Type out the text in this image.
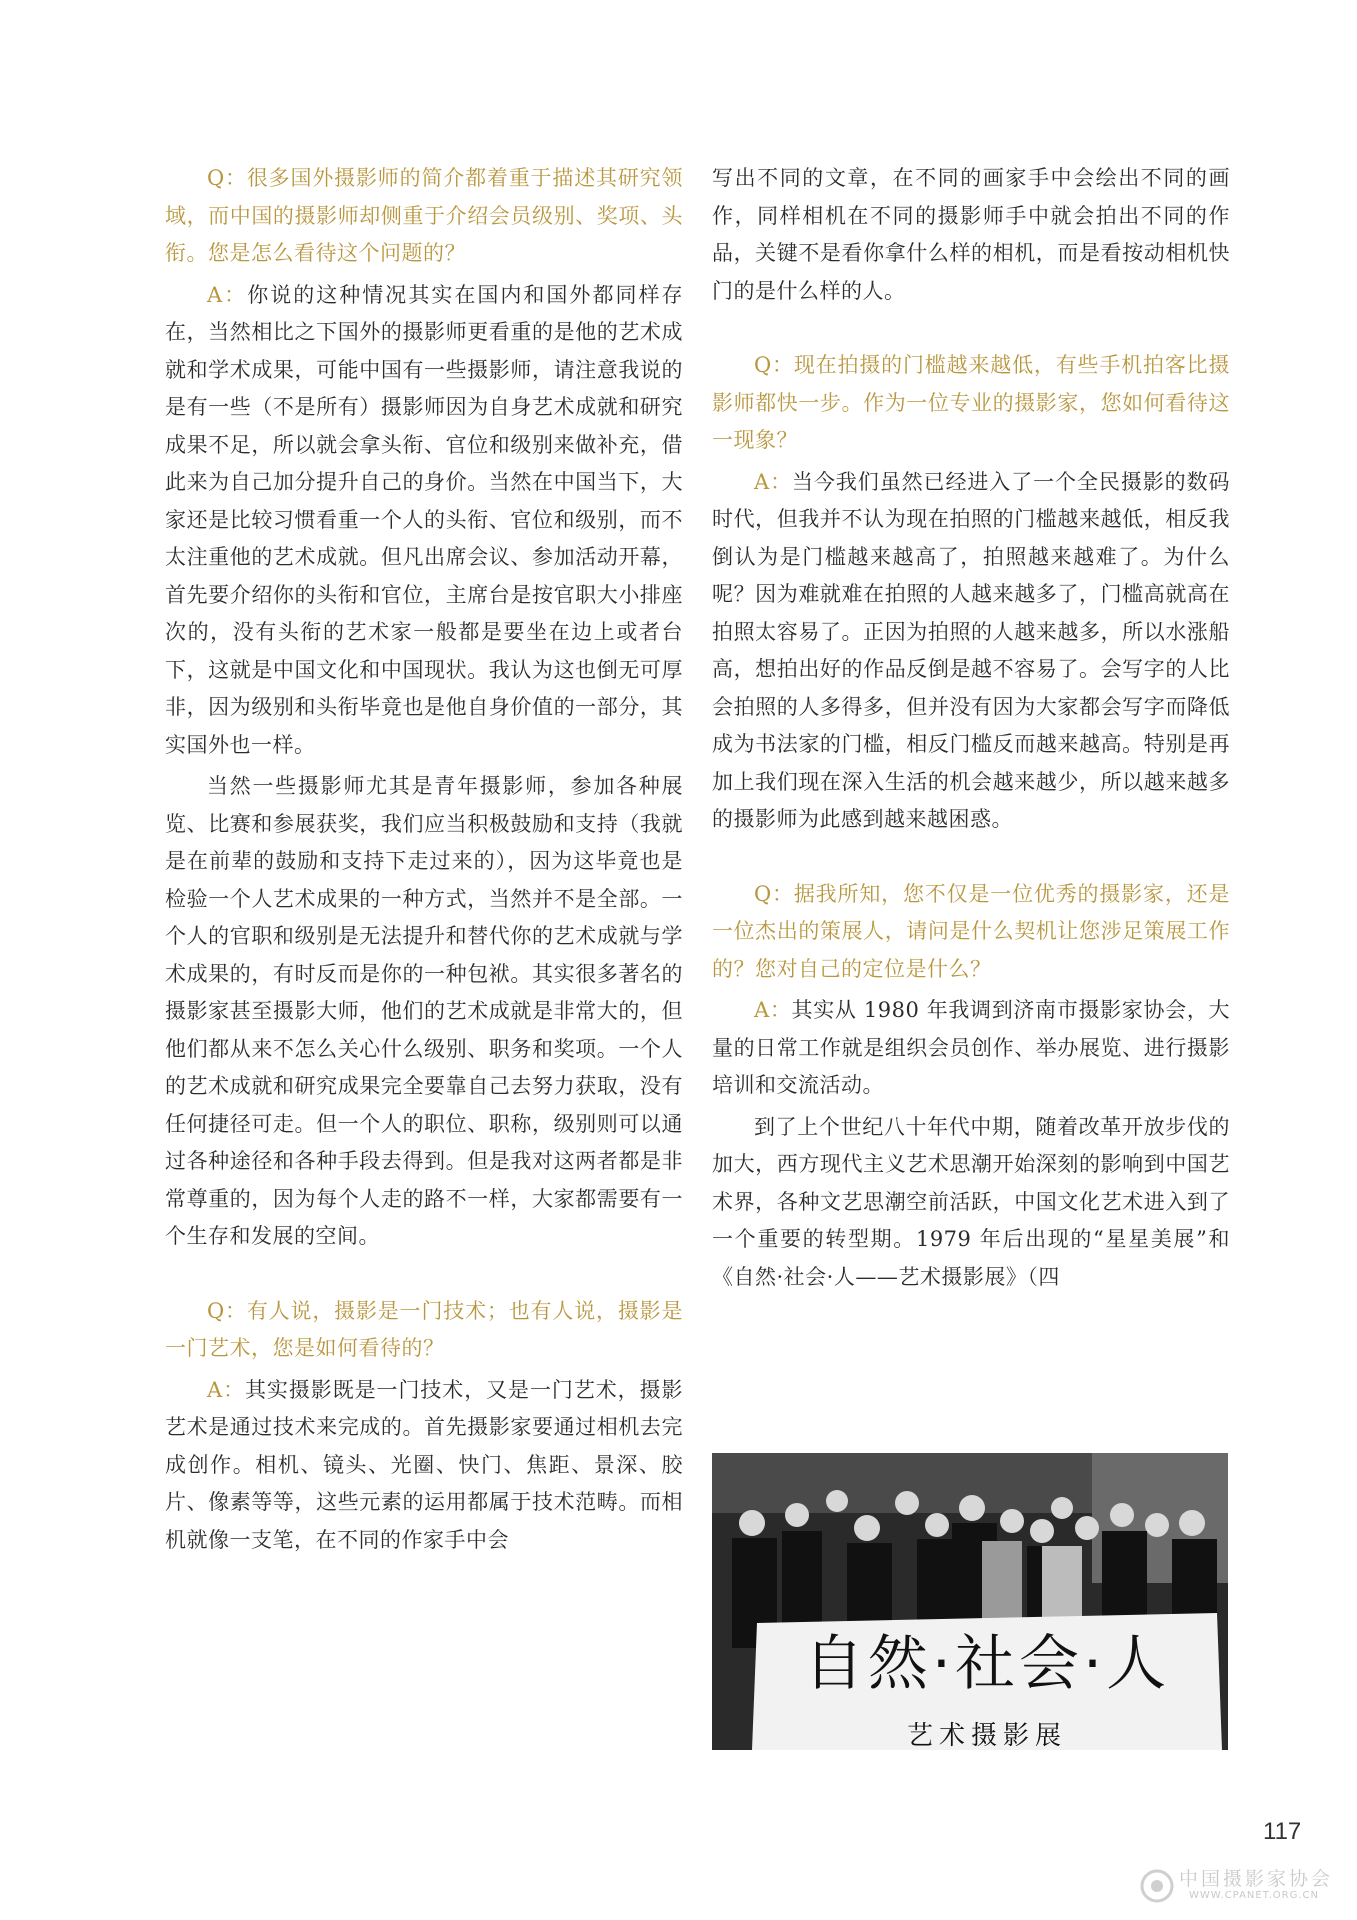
Q：很多国外摄影师的简介都着重于描述其研究领域，而中国的摄影师却侧重于介绍会员级别、奖项、头衔。您是怎么看待这个问题的？

A：你说的这种情况其实在国内和国外都同样存在，当然相比之下国外的摄影师更看重的是他的艺术成就和学术成果，可能中国有一些摄影师，请注意我说的是有一些（不是所有）摄影师因为自身艺术成就和研究成果不足，所以就会拿头衔、官位和级别来做补充，借此来为自己加分提升自己的身价。当然在中国当下，大家还是比较习惯看重一个人的头衔、官位和级别，而不太注重他的艺术成就。但凡出席会议、参加活动开幕，首先要介绍你的头衔和官位，主席台是按官职大小排座次的，没有头衔的艺术家一般都是要坐在边上或者台下，这就是中国文化和中国现状。我认为这也倒无可厚非，因为级别和头衔毕竟也是他自身价值的一部分，其实国外也一样。

当然一些摄影师尤其是青年摄影师，参加各种展览、比赛和参展获奖，我们应当积极鼓励和支持（我就是在前辈的鼓励和支持下走过来的），因为这毕竟也是检验一个人艺术成果的一种方式，当然并不是全部。一个人的官职和级别是无法提升和替代你的艺术成就与学术成果的，有时反而是你的一种包袱。其实很多著名的摄影家甚至摄影大师，他们的艺术成就是非常大的，但他们都从来不怎么关心什么级别、职务和奖项。一个人的艺术成就和研究成果完全要靠自己去努力获取，没有任何捷径可走。但一个人的职位、职称，级别则可以通过各种途径和各种手段去得到。但是我对这两者都是非常尊重的，因为每个人走的路不一样，大家都需要有一个生存和发展的空间。

Q：有人说，摄影是一门技术；也有人说，摄影是一门艺术，您是如何看待的？

A：其实摄影既是一门技术，又是一门艺术，摄影艺术是通过技术来完成的。首先摄影家要通过相机去完成创作。相机、镜头、光圈、快门、焦距、景深、胶片、像素等等，这些元素的运用都属于技术范畴。而相机就像一支笔，在不同的作家手中会

写出不同的文章，在不同的画家手中会绘出不同的画作，同样相机在不同的摄影师手中就会拍出不同的作品，关键不是看你拿什么样的相机，而是看按动相机快门的是什么样的人。

Q：现在拍摄的门槛越来越低，有些手机拍客比摄影师都快一步。作为一位专业的摄影家，您如何看待这一现象？

A：当今我们虽然已经进入了一个全民摄影的数码时代，但我并不认为现在拍照的门槛越来越低，相反我倒认为是门槛越来越高了，拍照越来越难了。为什么呢？因为难就难在拍照的人越来越多了，门槛高就高在拍照太容易了。正因为拍照的人越来越多，所以水涨船高，想拍出好的作品反倒是越不容易了。会写字的人比会拍照的人多得多，但并没有因为大家都会写字而降低成为书法家的门槛，相反门槛反而越来越高。特别是再加上我们现在深入生活的机会越来越少，所以越来越多的摄影师为此感到越来越困惑。

Q：据我所知，您不仅是一位优秀的摄影家，还是一位杰出的策展人，请问是什么契机让您涉足策展工作的？您对自己的定位是什么？

A：其实从 1980 年我调到济南市摄影家协会，大量的日常工作就是组织会员创作、举办展览、进行摄影培训和交流活动。

到了上个世纪八十年代中期，随着改革开放步伐的加大，西方现代主义艺术思潮开始深刻的影响到中国艺术界，各种文艺思潮空前活跃，中国文化艺术进入到了一个重要的转型期。1979 年后出现的“星星美展”和《自然·社会·人——艺术摄影展》（四

自然·社会·人
艺术摄影展
117
中国摄影家协会
WWW.CPANET.ORG.CN
